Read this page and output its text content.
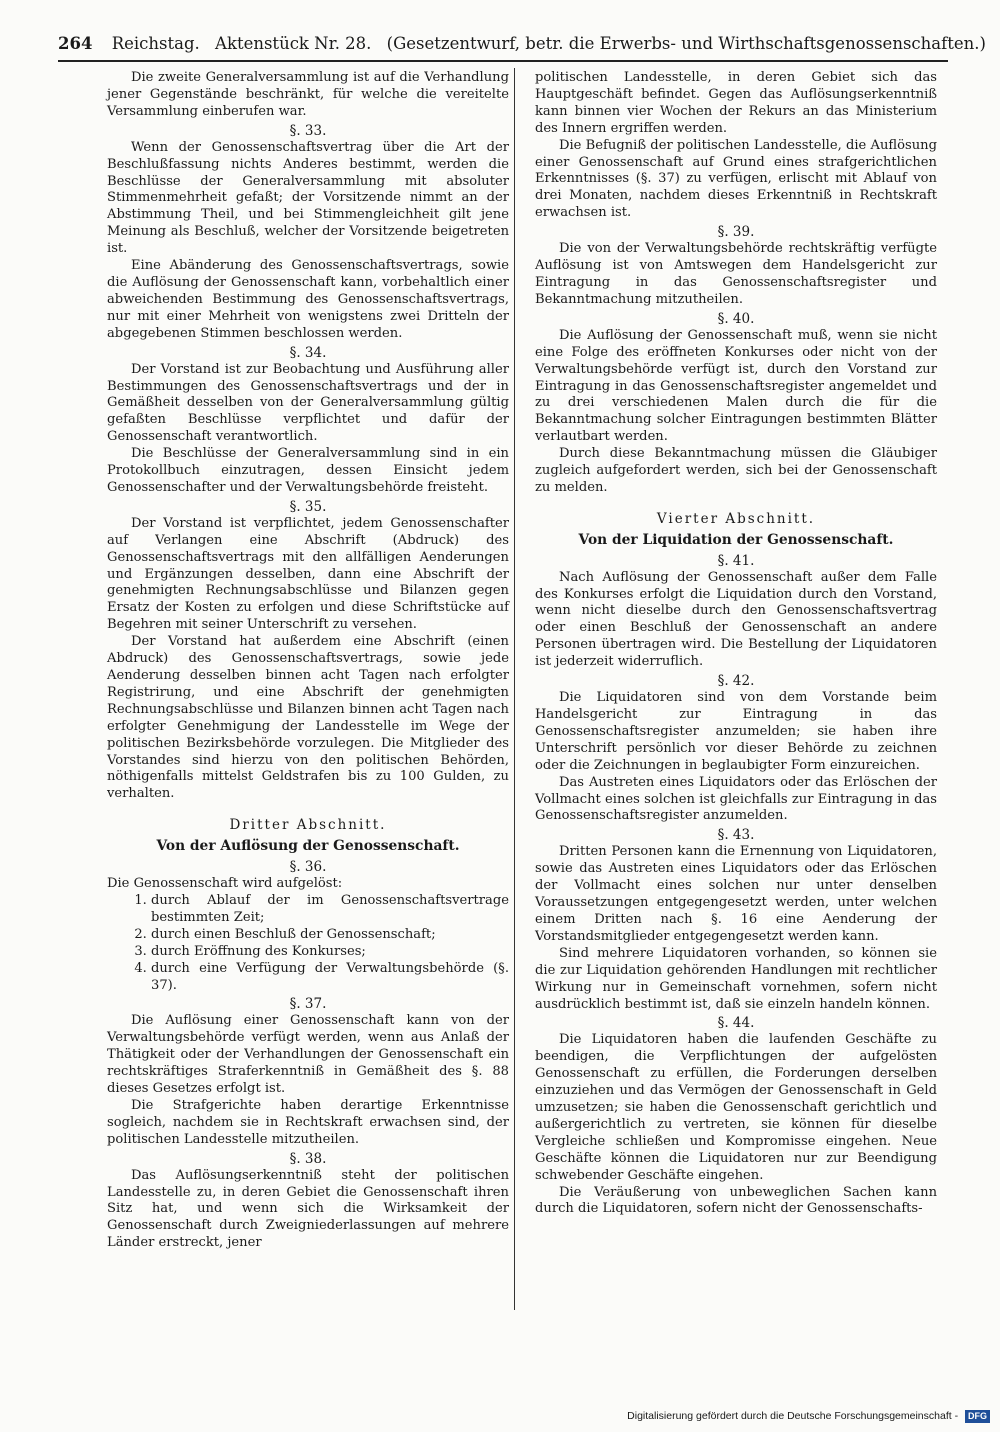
264 Reichstag. Aktenstück Nr. 28. (Gesetzentwurf, betr. die Erwerbs- und Wirthschaftsgenossenschaften.)

Die zweite Generalversammlung ist auf die Verhandlung jener Gegenstände beschränkt, für welche die vereitelte Versammlung einberufen war.

§. 33.

Wenn der Genossenschaftsvertrag über die Art der Beschlußfassung nichts Anderes bestimmt, werden die Beschlüsse der Generalversammlung mit absoluter Stimmenmehrheit gefaßt; der Vorsitzende nimmt an der Abstimmung Theil, und bei Stimmengleichheit gilt jene Meinung als Beschluß, welcher der Vorsitzende beigetreten ist.

Eine Abänderung des Genossenschaftsvertrags, sowie die Auflösung der Genossenschaft kann, vorbehaltlich einer abweichenden Bestimmung des Genossenschaftsvertrags, nur mit einer Mehrheit von wenigstens zwei Dritteln der abgegebenen Stimmen beschlossen werden.

§. 34.

Der Vorstand ist zur Beobachtung und Ausführung aller Bestimmungen des Genossenschaftsvertrags und der in Gemäßheit desselben von der Generalversammlung gültig gefaßten Beschlüsse verpflichtet und dafür der Genossenschaft verantwortlich.

Die Beschlüsse der Generalversammlung sind in ein Protokollbuch einzutragen, dessen Einsicht jedem Genossenschafter und der Verwaltungsbehörde freisteht.

§. 35.

Der Vorstand ist verpflichtet, jedem Genossenschafter auf Verlangen eine Abschrift (Abdruck) des Genossenschaftsvertrags mit den allfälligen Aenderungen und Ergänzungen desselben, dann eine Abschrift der genehmigten Rechnungsabschlüsse und Bilanzen gegen Ersatz der Kosten zu erfolgen und diese Schriftstücke auf Begehren mit seiner Unterschrift zu versehen.

Der Vorstand hat außerdem eine Abschrift (einen Abdruck) des Genossenschaftsvertrags, sowie jede Aenderung desselben binnen acht Tagen nach erfolgter Registrirung, und eine Abschrift der genehmigten Rechnungsabschlüsse und Bilanzen binnen acht Tagen nach erfolgter Genehmigung der Landesstelle im Wege der politischen Bezirksbehörde vorzulegen. Die Mitglieder des Vorstandes sind hierzu von den politischen Behörden, nöthigenfalls mittelst Geldstrafen bis zu 100 Gulden, zu verhalten.

Dritter Abschnitt.
Von der Auflösung der Genossenschaft.
§. 36.

Die Genossenschaft wird aufgelöst:

1. durch Ablauf der im Genossenschaftsvertrage bestimmten Zeit;
2. durch einen Beschluß der Genossenschaft;
3. durch Eröffnung des Konkurses;
4. durch eine Verfügung der Verwaltungsbehörde (§. 37).
§. 37.

Die Auflösung einer Genossenschaft kann von der Verwaltungsbehörde verfügt werden, wenn aus Anlaß der Thätigkeit oder der Verhandlungen der Genossenschaft ein rechtskräftiges Straferkenntniß in Gemäßheit des §. 88 dieses Gesetzes erfolgt ist.

Die Strafgerichte haben derartige Erkenntnisse sogleich, nachdem sie in Rechtskraft erwachsen sind, der politischen Landesstelle mitzutheilen.

§. 38.

Das Auflösungserkenntniß steht der politischen Landesstelle zu, in deren Gebiet die Genossenschaft ihren Sitz hat, und wenn sich die Wirksamkeit der Genossenschaft durch Zweigniederlassungen auf mehrere Länder erstreckt, jener

politischen Landesstelle, in deren Gebiet sich das Hauptgeschäft befindet. Gegen das Auflösungserkenntniß kann binnen vier Wochen der Rekurs an das Ministerium des Innern ergriffen werden.

Die Befugniß der politischen Landesstelle, die Auflösung einer Genossenschaft auf Grund eines strafgerichtlichen Erkenntnisses (§. 37) zu verfügen, erlischt mit Ablauf von drei Monaten, nachdem dieses Erkenntniß in Rechtskraft erwachsen ist.

§. 39.

Die von der Verwaltungsbehörde rechtskräftig verfügte Auflösung ist von Amtswegen dem Handelsgericht zur Eintragung in das Genossenschaftsregister und Bekanntmachung mitzutheilen.

§. 40.

Die Auflösung der Genossenschaft muß, wenn sie nicht eine Folge des eröffneten Konkurses oder nicht von der Verwaltungsbehörde verfügt ist, durch den Vorstand zur Eintragung in das Genossenschaftsregister angemeldet und zu drei verschiedenen Malen durch die für die Bekanntmachung solcher Eintragungen bestimmten Blätter verlautbart werden.

Durch diese Bekanntmachung müssen die Gläubiger zugleich aufgefordert werden, sich bei der Genossenschaft zu melden.

Vierter Abschnitt.
Von der Liquidation der Genossenschaft.
§. 41.

Nach Auflösung der Genossenschaft außer dem Falle des Konkurses erfolgt die Liquidation durch den Vorstand, wenn nicht dieselbe durch den Genossenschaftsvertrag oder einen Beschluß der Genossenschaft an andere Personen übertragen wird. Die Bestellung der Liquidatoren ist jederzeit widerruflich.

§. 42.

Die Liquidatoren sind von dem Vorstande beim Handelsgericht zur Eintragung in das Genossenschaftsregister anzumelden; sie haben ihre Unterschrift persönlich vor dieser Behörde zu zeichnen oder die Zeichnungen in beglaubigter Form einzureichen.

Das Austreten eines Liquidators oder das Erlöschen der Vollmacht eines solchen ist gleichfalls zur Eintragung in das Genossenschaftsregister anzumelden.

§. 43.

Dritten Personen kann die Ernennung von Liquidatoren, sowie das Austreten eines Liquidators oder das Erlöschen der Vollmacht eines solchen nur unter denselben Voraussetzungen entgegengesetzt werden, unter welchen einem Dritten nach §. 16 eine Aenderung der Vorstandsmitglieder entgegengesetzt werden kann.

Sind mehrere Liquidatoren vorhanden, so können sie die zur Liquidation gehörenden Handlungen mit rechtlicher Wirkung nur in Gemeinschaft vornehmen, sofern nicht ausdrücklich bestimmt ist, daß sie einzeln handeln können.

§. 44.

Die Liquidatoren haben die laufenden Geschäfte zu beendigen, die Verpflichtungen der aufgelösten Genossenschaft zu erfüllen, die Forderungen derselben einzuziehen und das Vermögen der Genossenschaft in Geld umzusetzen; sie haben die Genossenschaft gerichtlich und außergerichtlich zu vertreten, sie können für dieselbe Vergleiche schließen und Kompromisse eingehen. Neue Geschäfte können die Liquidatoren nur zur Beendigung schwebender Geschäfte eingehen.

Die Veräußerung von unbeweglichen Sachen kann durch die Liquidatoren, sofern nicht der Genossenschafts-

Digitalisierung gefördert durch die Deutsche Forschungsgemeinschaft - DFG
